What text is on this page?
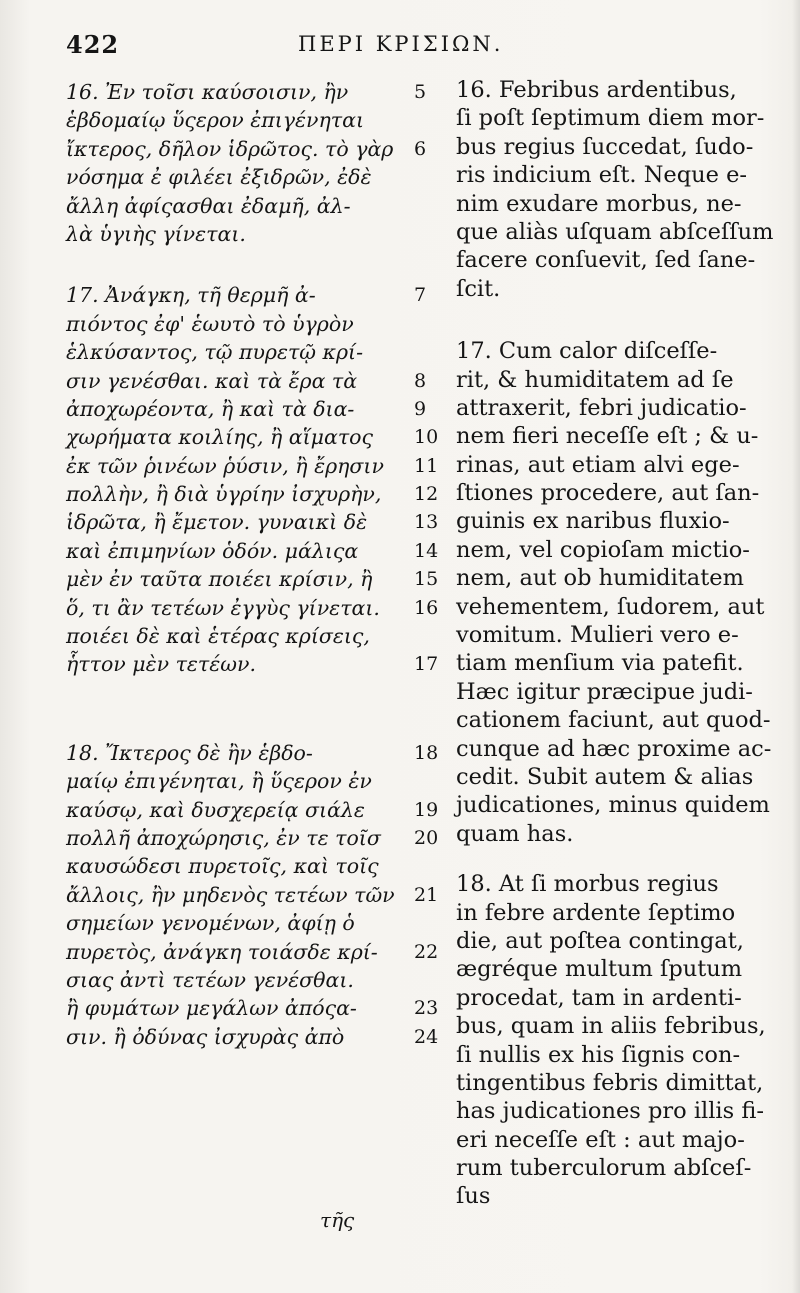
422	ΠΕΡΙ ΚΡΙΣΙΩΝ.
16. Ἐν τοῖσι καύσοισιν, ἢν	5
ἑβδομαίῳ ὕςερον ἐπιγένηται
ἴκτερος, δῆλον ἱδρῶτος. τὸ γὰρ 6
νόσημα ἐ φιλέει ἐξιδρῶν, ἐδὲ
ἄλλη ἀφίςασθαι ἐδαμῆ, ἀλ-
λὰ ὑγιὴς γίνεται.
17. Ἀνάγκη, τῆ θερμῆ ἀ-	7
πιόντος ἐφ' ἑωυτὸ τὸ ὑγρὸν
ἑλκύσαντος, τῷ πυρετῷ κρί-
σιν γενέσθαι. καὶ τὰ ἔρα τὰ	8
ἀποχωρέοντα, ἢ καὶ τὰ δια-	9
χωρήματα κοιλίης, ἢ αἵματος 10
ἐκ τῶν ῥινέων ῥύσιν, ἢ ἔρησιν 11
πολλὴν, ἢ διὰ ὑγρίην ἰσχυρὴν, 12
ἱδρῶτα, ἢ ἔμετον. γυναικὶ δὲ 13
καὶ ἐπιμηνίων ὁδόν. μάλιςα	14
μὲν ἐν ταῦτα ποιέει κρίσιν, ἢ 15
ὅ, τι ἂν τετέων ἐγγὺς γίνεται. 16
ποιέει δὲ καὶ ἑτέρας κρίσεις,
ἧττον μὲν τετέων.	17
18. Ἴκτερος δὲ ἢν ἑβδο-	18
μαίῳ ἐπιγένηται, ἢ ὕςερον ἐν
καύσῳ, καὶ δυσχερείᾳ σιάλε	19
πολλῆ ἀποχώρησις, ἐν τε τοῖσ 20
καυσώδεσι πυρετοῖς, καὶ τοῖς
ἄλλοις, ἢν μηδενὸς τετέων τῶν 21
σημείων γενομένων, ἀφίῃ ὁ
πυρετὸς, ἀνάγκη τοιάσδε κρί- 22
σιας ἀντὶ τετέων γενέσθαι.
ἢ φυμάτων μεγάλων ἀπόςα-	23
σιν. ἢ ὀδύνας ἰσχυρὰς ἀπὸ	24
τῆς
16. Febribus ardentibus,
ſi poſt ſeptimum diem mor-
bus regius ſuccedat, ſudo-
ris indicium eſt. Neque e-
nim exudare morbus, ne-
que aliàs uſquam abſceſſum
facere conſuevit, ſed ſane-
ſcit.
17. Cum calor diſceſſe-
rit, & humiditatem ad ſe
attraxerit, febri judicatio-
nem fieri neceſſe eſt ; & u-
rinas, aut etiam alvi ege-
ſtiones procedere, aut ſan-
guinis ex naribus fluxio-
nem, vel copioſam mictio-
nem, aut ob humiditatem
vehementem, ſudorem, aut
vomitum. Mulieri vero e-
tiam menſium via patefit.
Hæc igitur præcipue judi-
cationem faciunt, aut quod-
cunque ad hæc proxime ac-
cedit. Subit autem & alias
judicationes, minus quidem
quam has.
18. At ſi morbus regius
in febre ardente ſeptimo
die, aut poſtea contingat,
ægréque multum ſputum
procedat, tam in ardenti-
bus, quam in aliis febribus,
ſi nullis ex his ſignis con-
tingentibus febris dimittat,
has judicationes pro illis fi-
eri neceſſe eſt : aut majo-
rum tuberculorum abſceſ-
ſus
